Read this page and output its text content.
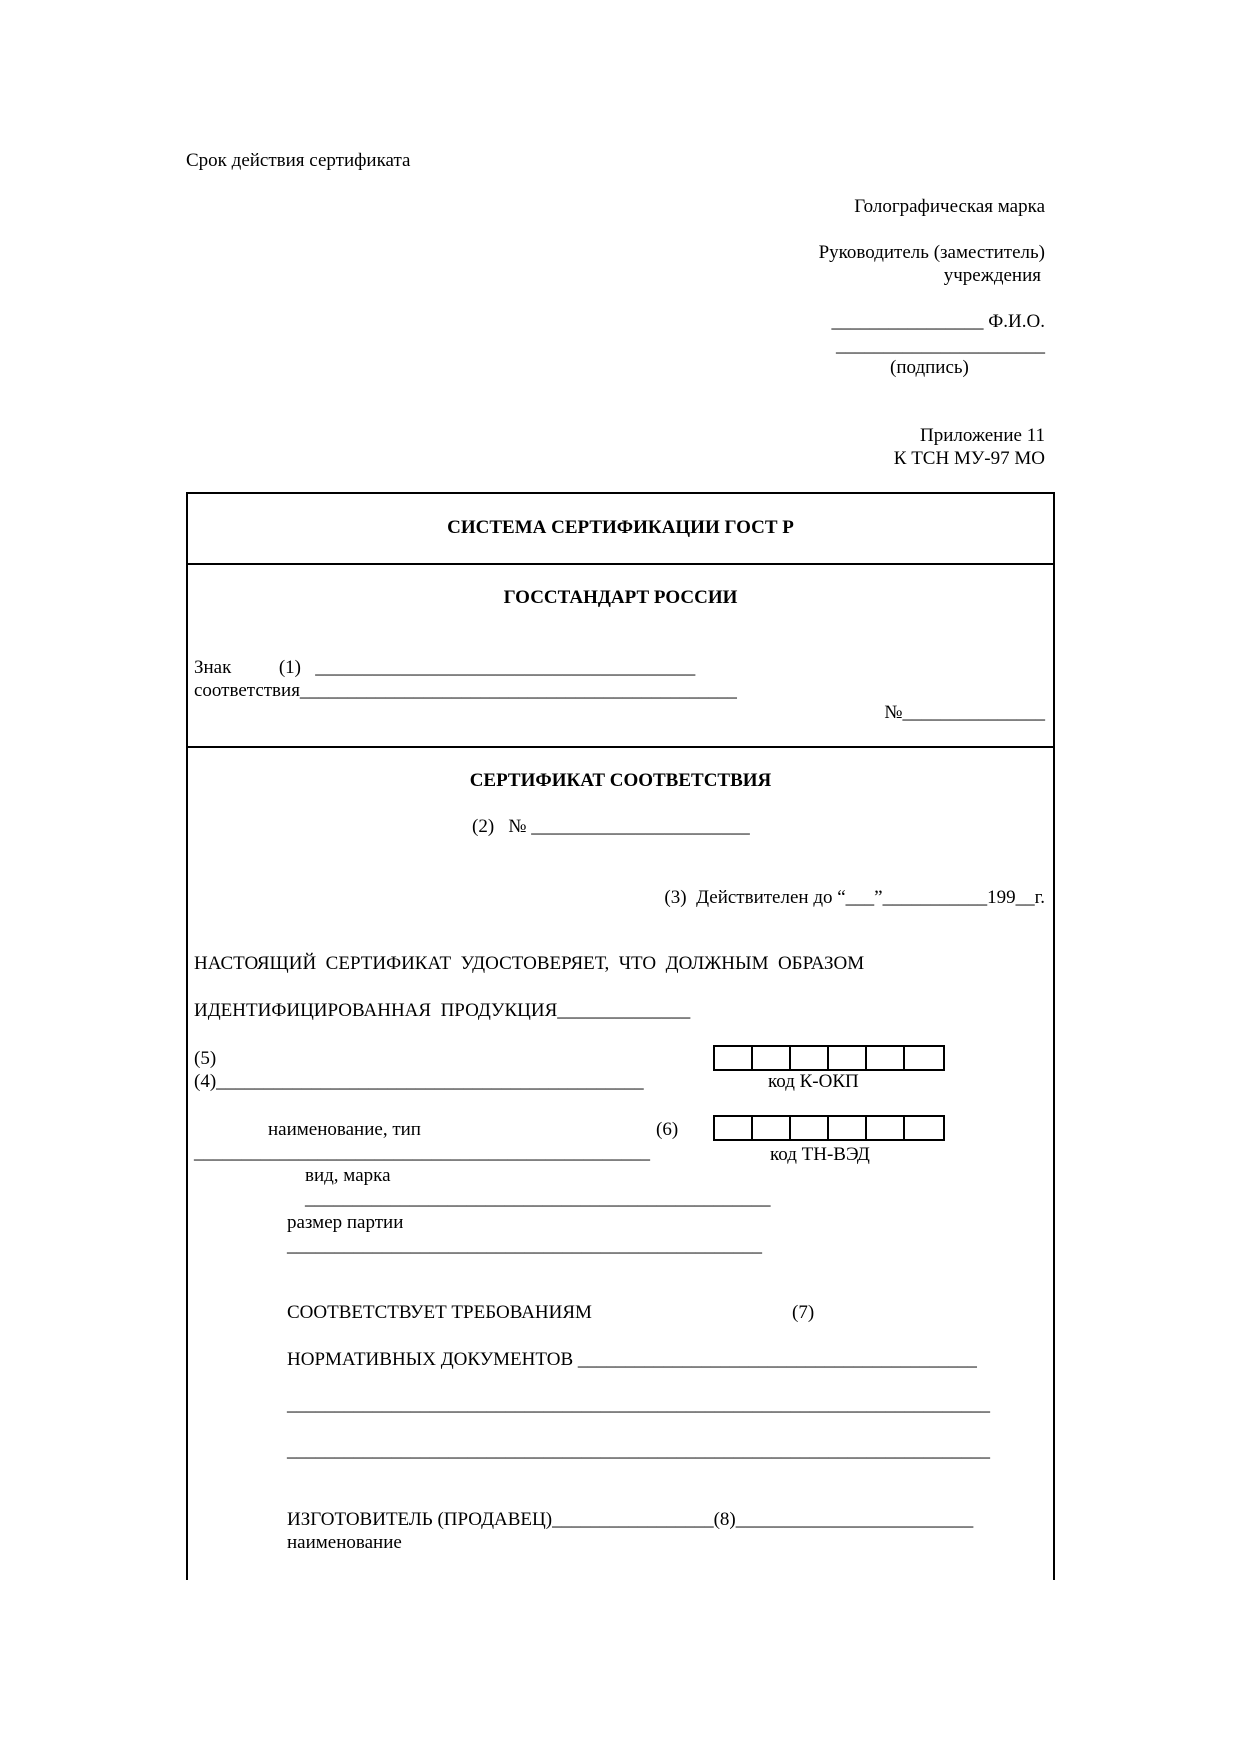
Срок действия сертификата
Голографическая марка
Руководитель (заместитель)
учреждения
________________ Ф.И.О.
______________________
(подпись)
Приложение 11
К ТСН МУ-97 МО
СИСТЕМА СЕРТИФИКАЦИИ ГОСТ Р
ГОССТАНДАРТ РОССИИ
Знак          (1)   ________________________________________
соответствия______________________________________________
№_______________
СЕРТИФИКАТ СООТВЕТСТВИЯ
(2)   № _______________________
(3)  Действителен до “___”___________199__г.
НАСТОЯЩИЙ  СЕРТИФИКАТ  УДОСТОВЕРЯЕТ,  ЧТО  ДОЛЖНЫМ  ОБРАЗОМ
ИДЕНТИФИЦИРОВАННАЯ  ПРОДУКЦИЯ______________
(5)
(4)_____________________________________________	код К-ОКП
наименование, тип	(6)
________________________________________________	код ТН-ВЭД
вид, марка
_________________________________________________
размер партии
__________________________________________________
СООТВЕТСТВУЕТ ТРЕБОВАНИЯМ	(7)
НОРМАТИВНЫХ ДОКУМЕНТОВ __________________________________________
__________________________________________________________________________
__________________________________________________________________________
ИЗГОТОВИТЕЛЬ (ПРОДАВЕЦ)_________________(8)_________________________
наименование
